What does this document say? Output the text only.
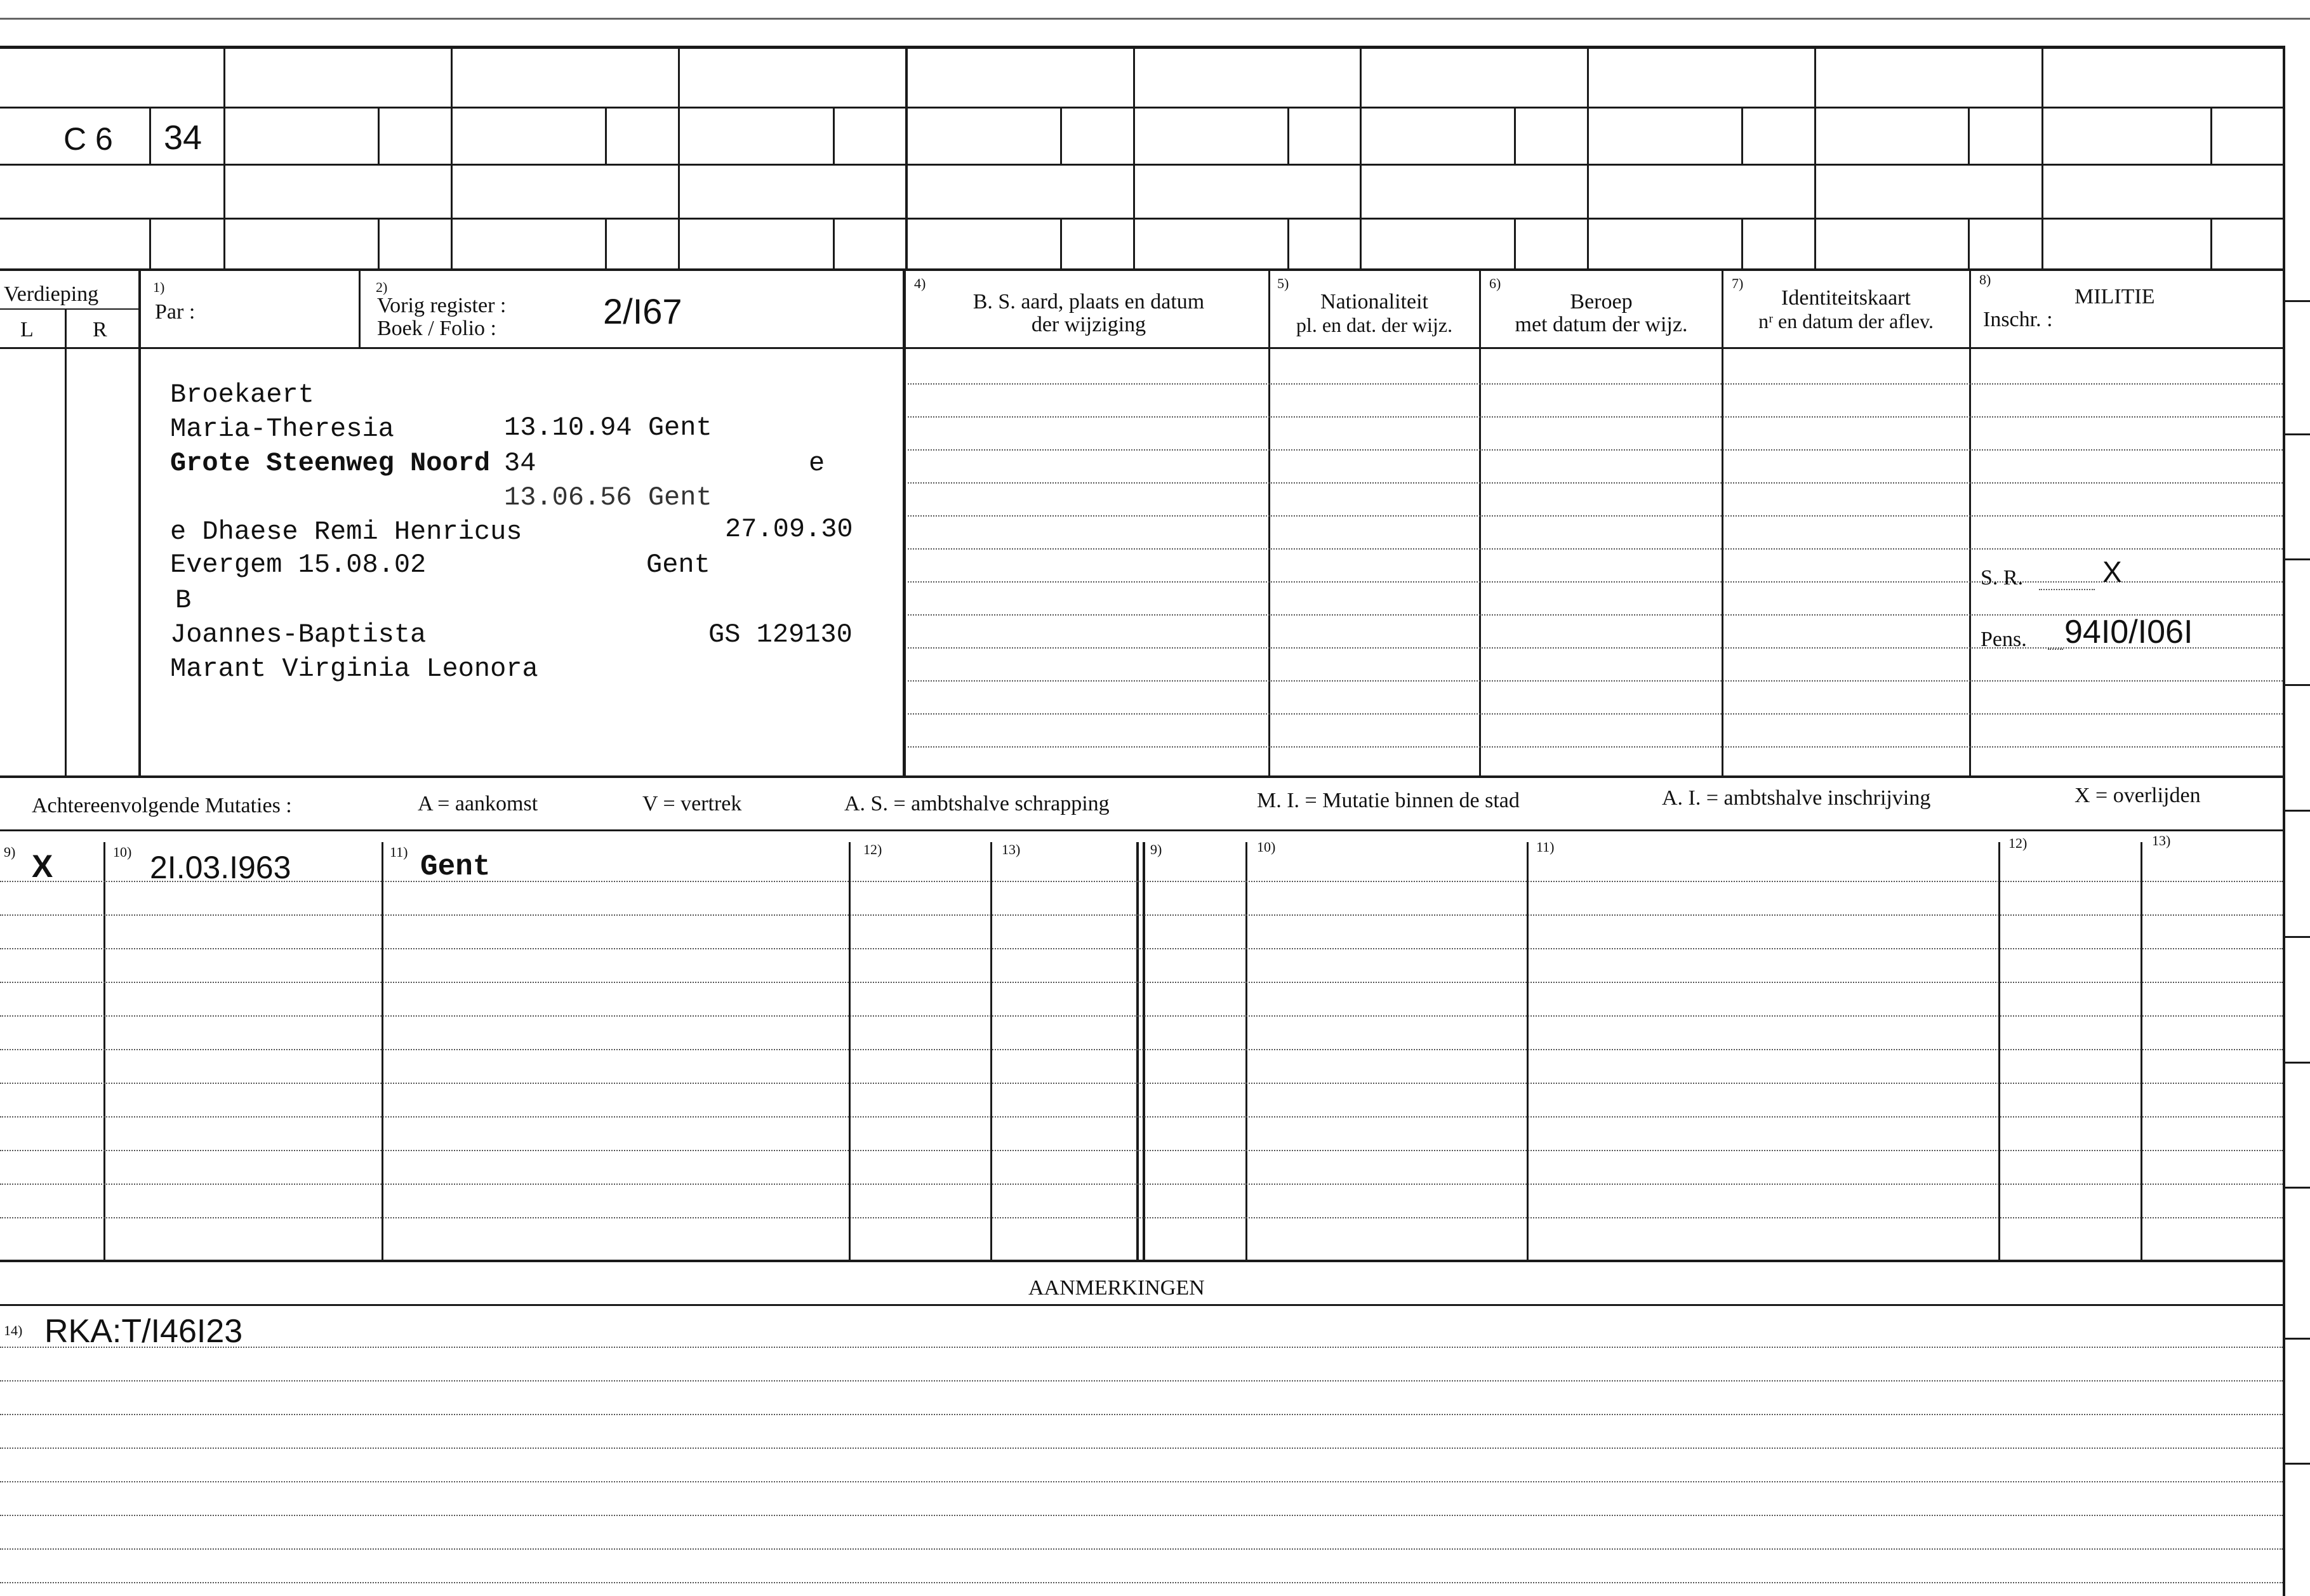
C 6 34
Verdieping
L	R
1)
Par :
2)
Vorig register :
Boek / Folio :	2/I67
4)
B. S. aard, plaats en datum
der wijziging
5)
Nationaliteit
pl. en dat. der wijz.
6)
Beroep
met datum der wijz.
7)
Identiteitskaart
nʳ en datum der aflev.
8)
MILITIE
Inschr. :
Broekaert
Maria-Theresia	13.10.94 Gent
Grote Steenweg Noord 34	e
13.06.56 Gent
e Dhaese Remi Henricus	27.09.30
Evergem 15.08.02	Gent
B
Joannes-Baptista	GS 129130
Marant Virginia Leonora
S. R.	X
Pens. 94I0/I06I
Achtereenvolgende Mutaties :	A = aankomst	V = vertrek	A. S. = ambtshalve schrapping	M. I. = Mutatie binnen de stad	A. I. = ambtshalve inschrijving	X = overlijden
9)	10)	11)	12)	13)	9)	10)	11)	12)	13)
X	2I.03.I963	Gent
AANMERKINGEN
14) RKA:T/I46I23
